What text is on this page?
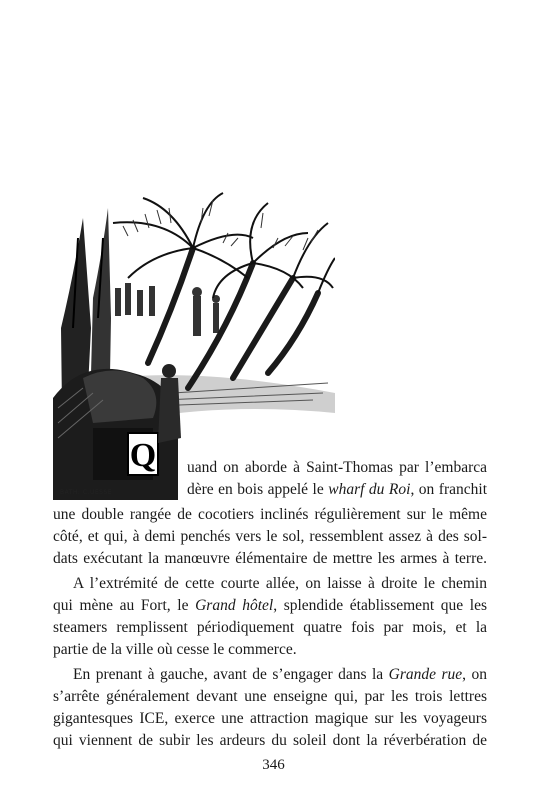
Q
BATH: C.UESSE
uand on aborde à Saint-Thomas par l’embarca
dère en bois appelé le wharf du Roi, on franchit
une double rangée de cocotiers inclinés régulièrement sur le même
côté, et qui, à demi penchés vers le sol, ressemblent assez à des sol-
dats exécutant la manœuvre élémentaire de mettre les armes à terre.
A l’extrémité de cette courte allée, on laisse à droite le chemin
qui mène au Fort, le Grand hôtel, splendide établissement que les
steamers remplissent périodiquement quatre fois par mois, et la
partie de la ville où cesse le commerce.
En prenant à gauche, avant de s’engager dans la Grande rue, on
s’arrête généralement devant une enseigne qui, par les trois lettres
gigantesques ICE, exerce une attraction magique sur les voyageurs
qui viennent de subir les ardeurs du soleil dont la réverbération de
346
